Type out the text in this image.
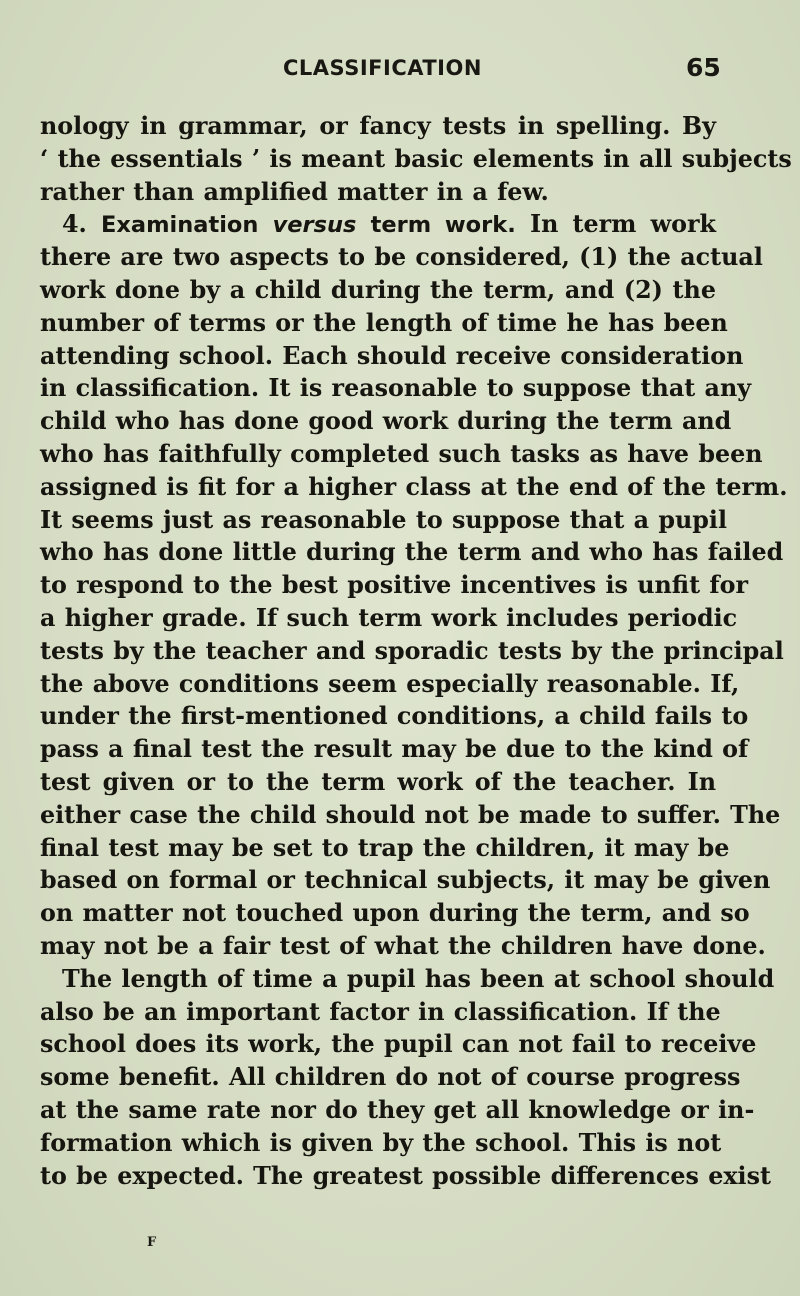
CLASSIFICATION	65
nology in grammar, or fancy tests in spelling. By
‘ the essentials ’ is meant basic elements in all subjects
rather than amplified matter in a few.
4. Examination versus term work. In term work
there are two aspects to be considered, (1) the actual
work done by a child during the term, and (2) the
number of terms or the length of time he has been
attending school. Each should receive consideration
in classification. It is reasonable to suppose that any
child who has done good work during the term and
who has faithfully completed such tasks as have been
assigned is fit for a higher class at the end of the term.
It seems just as reasonable to suppose that a pupil
who has done little during the term and who has failed
to respond to the best positive incentives is unfit for
a higher grade. If such term work includes periodic
tests by the teacher and sporadic tests by the principal
the above conditions seem especially reasonable. If,
under the first-mentioned conditions, a child fails to
pass a final test the result may be due to the kind of
test given or to the term work of the teacher. In
either case the child should not be made to suffer. The
final test may be set to trap the children, it may be
based on formal or technical subjects, it may be given
on matter not touched upon during the term, and so
may not be a fair test of what the children have done.
The length of time a pupil has been at school should
also be an important factor in classification. If the
school does its work, the pupil can not fail to receive
some benefit. All children do not of course progress
at the same rate nor do they get all knowledge or in-
formation which is given by the school. This is not
to be expected. The greatest possible differences exist
F
